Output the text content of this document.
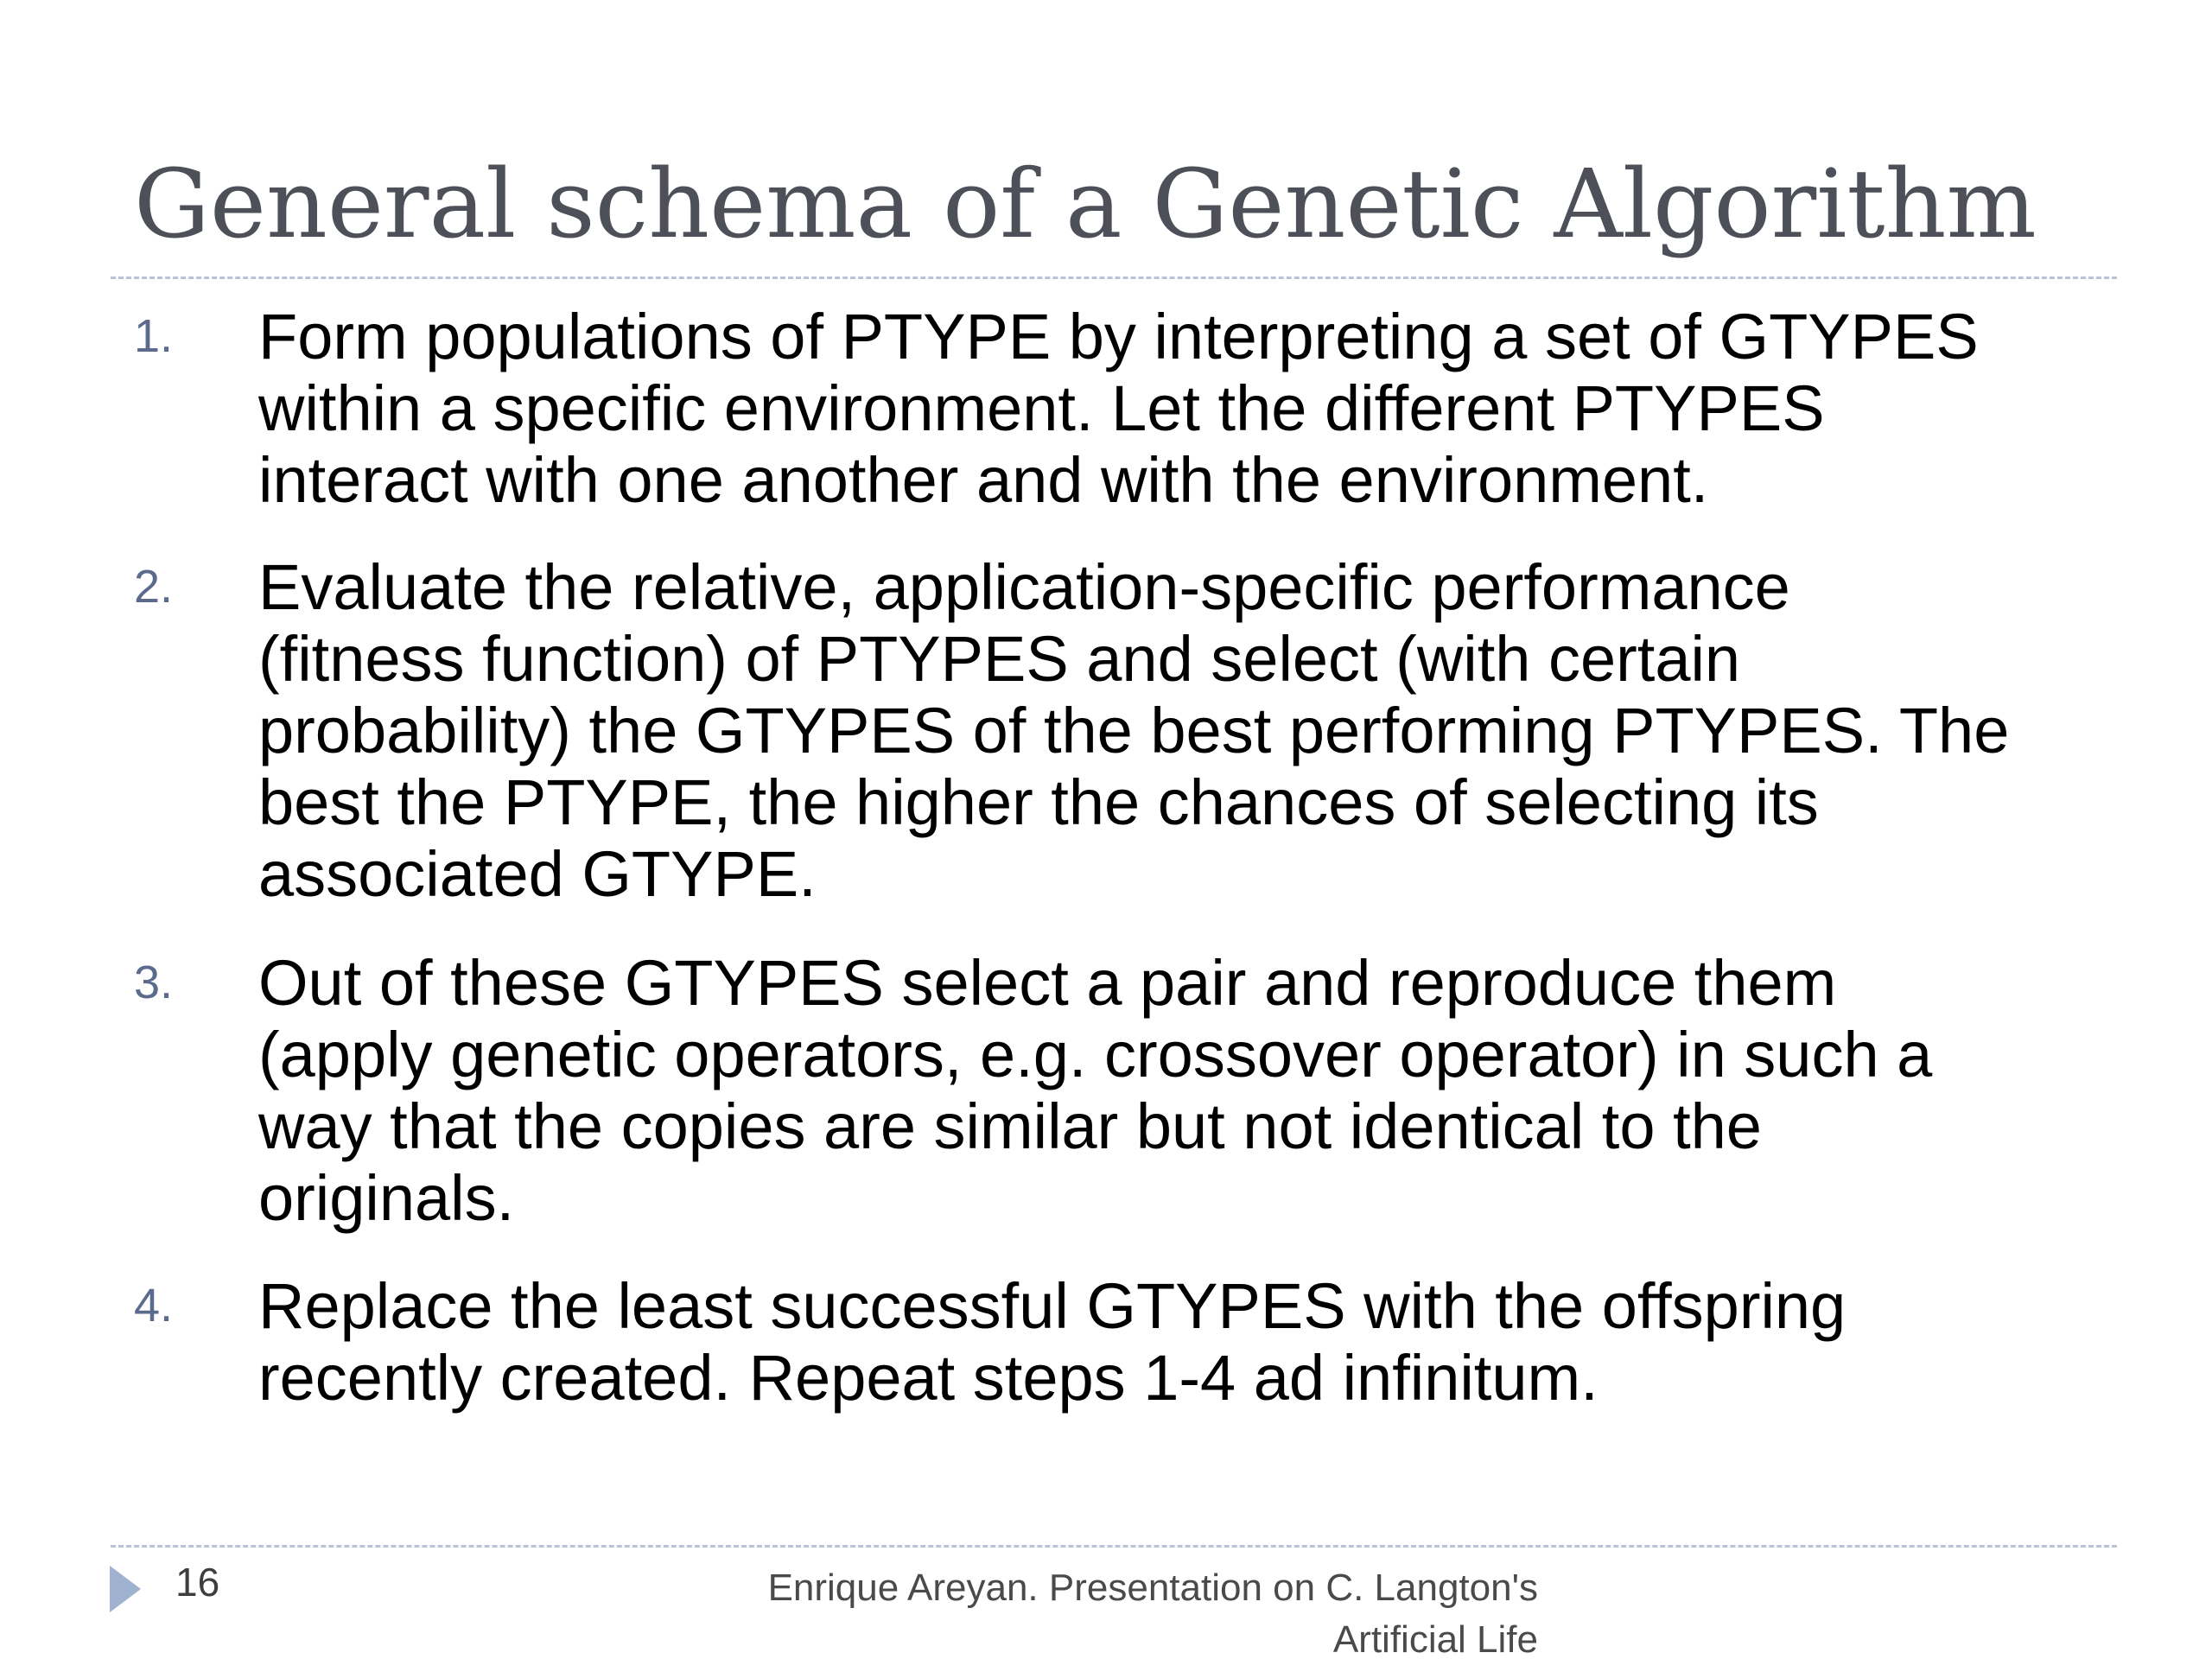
General schema of a Genetic Algorithm
1.	Form populations of PTYPE by interpreting a set of GTYPES
within a specific environment. Let the different PTYPES
interact with one another and with the environment.
2.	Evaluate the relative, application-specific performance
(fitness function) of PTYPES and select (with certain
probability) the GTYPES of the best performing PTYPES. The
best the PTYPE, the higher the chances of selecting its
associated GTYPE.
3.	Out of these GTYPES select a pair and reproduce them
(apply genetic operators, e.g. crossover operator) in such a
way that the copies are similar but not identical to the
originals.
4.	Replace the least successful GTYPES with the offspring
recently created. Repeat steps 1-4 ad infinitum.
16	Enrique Areyan. Presentation on C. Langton's
Artificial Life
